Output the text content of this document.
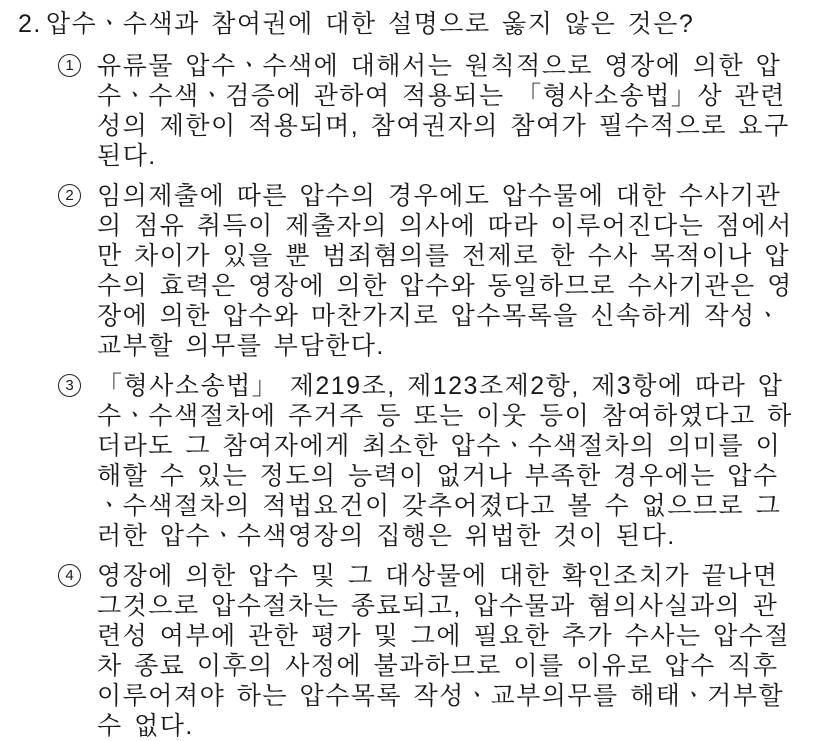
2. 압수ㆍ수색과 참여권에 대한 설명으로 옳지 않은 것은?

1 유류물 압수ㆍ수색에 대해서는 원칙적으로 영장에 의한 압수ㆍ수색ㆍ검증에 관하여 적용되는 「형사소송법」상 관련성의 제한이 적용되며, 참여권자의 참여가 필수적으로 요구된다.
2 임의제출에 따른 압수의 경우에도 압수물에 대한 수사기관의 점유 취득이 제출자의 의사에 따라 이루어진다는 점에서만 차이가 있을 뿐 범죄혐의를 전제로 한 수사 목적이나 압수의 효력은 영장에 의한 압수와 동일하므로 수사기관은 영장에 의한 압수와 마찬가지로 압수목록을 신속하게 작성ㆍ교부할 의무를 부담한다.
3 「형사소송법」 제219조, 제123조제2항, 제3항에 따라 압수ㆍ수색절차에 주거주 등 또는 이웃 등이 참여하였다고 하더라도 그 참여자에게 최소한 압수ㆍ수색절차의 의미를 이해할 수 있는 정도의 능력이 없거나 부족한 경우에는 압수ㆍ수색절차의 적법요건이 갖추어졌다고 볼 수 없으므로 그러한 압수ㆍ수색영장의 집행은 위법한 것이 된다.
4 영장에 의한 압수 및 그 대상물에 대한 확인조치가 끝나면 그것으로 압수절차는 종료되고, 압수물과 혐의사실과의 관련성 여부에 관한 평가 및 그에 필요한 추가 수사는 압수절차 종료 이후의 사정에 불과하므로 이를 이유로 압수 직후 이루어져야 하는 압수목록 작성ㆍ교부의무를 해태ㆍ거부할 수 없다.
